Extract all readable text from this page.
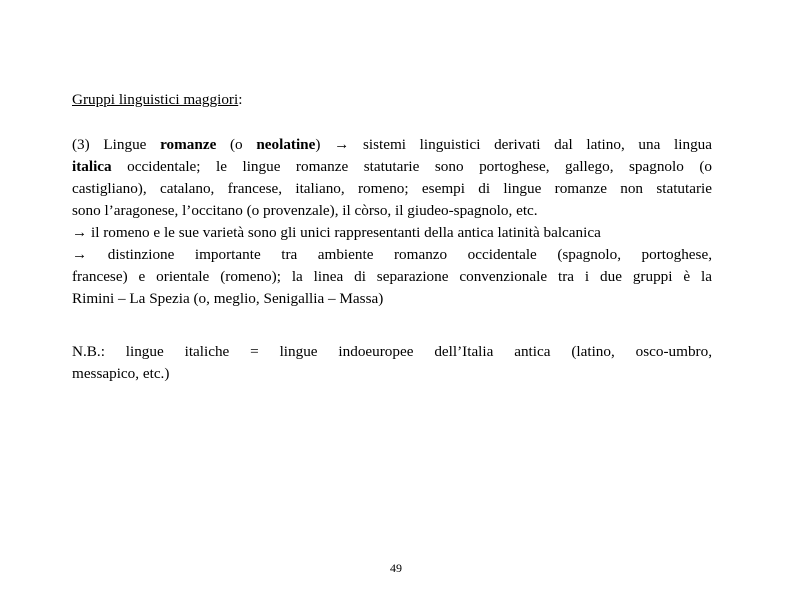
Gruppi linguistici maggiori:
(3) Lingue romanze (o neolatine) → sistemi linguistici derivati dal latino, una lingua
italica occidentale; le lingue romanze statutarie sono portoghese, gallego, spagnolo (o
castigliano), catalano, francese, italiano, romeno; esempi di lingue romanze non statutarie
sono l’aragonese, l’occitano (o provenzale), il còrso, il giudeo-spagnolo, etc.
→ il romeno e le sue varietà sono gli unici rappresentanti della antica latinità balcanica
→ distinzione importante tra ambiente romanzo occidentale (spagnolo, portoghese,
francese) e orientale (romeno); la linea di separazione convenzionale tra i due gruppi è la
Rimini – La Spezia (o, meglio, Senigallia – Massa)
N.B.: lingue italiche = lingue indoeuropee dell’Italia antica (latino, osco-umbro,
messapico, etc.)
49
